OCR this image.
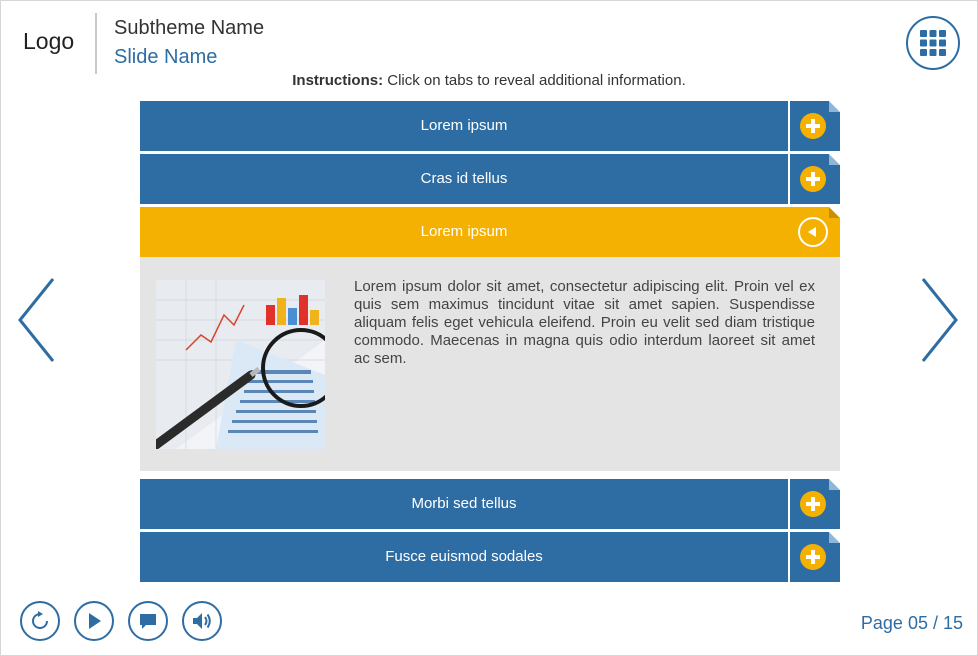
Logo Subtheme Name
Slide Name
Instructions: Click on tabs to reveal additional information.
Lorem ipsum
Cras id tellus
Lorem ipsum
Lorem ipsum dolor sit amet, consectetur adipiscing elit. Proin vel ex quis sem maximus tincidunt vitae sit amet sapien. Suspendisse aliquam felis eget vehicula eleifend. Proin eu velit sed diam tristique commodo. Maecenas in magna quis odio interdum laoreet sit amet ac sem.
Morbi sed tellus
Fusce euismod sodales
Page 05 / 15
